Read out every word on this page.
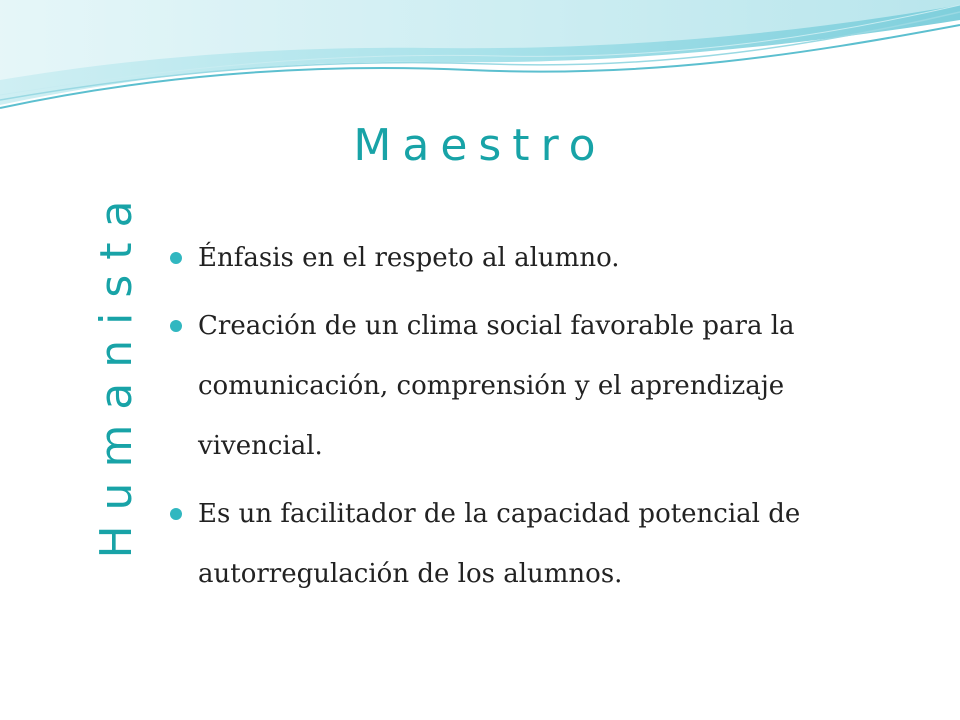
Maestro
Humanista	Énfasis en el respeto al alumno.
Creación de un clima social favorable para la comunicación, comprensión y el aprendizaje vivencial.
Es un facilitador de la capacidad potencial de autorregulación de los alumnos.
